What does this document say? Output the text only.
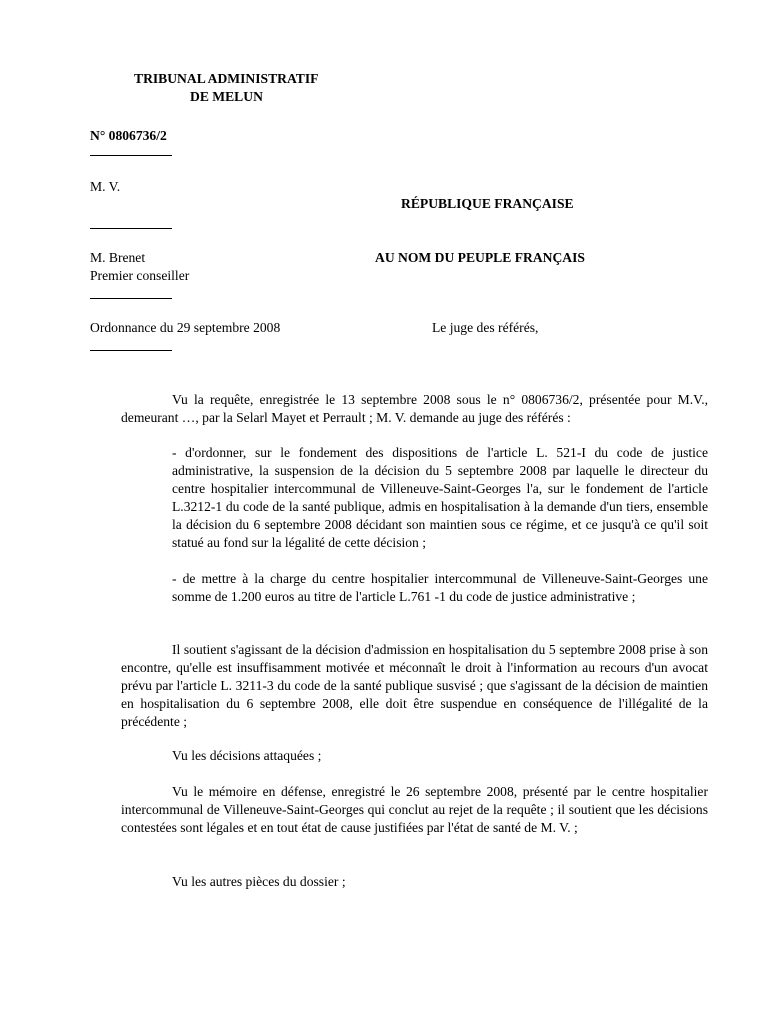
TRIBUNAL ADMINISTRATIF
DE MELUN
N° 0806736/2
M. V.
RÉPUBLIQUE FRANÇAISE
M. Brenet	AU NOM DU PEUPLE FRANÇAIS
Premier conseiller
Ordonnance du 29 septembre 2008	Le juge des référés,
Vu la requête, enregistrée le 13 septembre 2008 sous le n° 0806736/2, présentée pour M.V., demeurant …, par la Selarl Mayet et Perrault ; M. V. demande au juge des référés :
- d'ordonner, sur le fondement des dispositions de l'article L. 521-I du code de justice administrative, la suspension de la décision du 5 septembre 2008 par laquelle le directeur du centre hospitalier intercommunal de Villeneuve-Saint-Georges l'a, sur le fondement de l'article L.3212-1 du code de la santé publique, admis en hospitalisation à la demande d'un tiers, ensemble la décision du 6 septembre 2008 décidant son maintien sous ce régime, et ce jusqu'à ce qu'il soit statué au fond sur la légalité de cette décision ;
- de mettre à la charge du centre hospitalier intercommunal de Villeneuve-Saint-Georges une somme de 1.200 euros au titre de l'article L.761 -1 du code de justice administrative ;
Il soutient s'agissant de la décision d'admission en hospitalisation du 5 septembre 2008 prise à son encontre, qu'elle est insuffisamment motivée et méconnaît le droit à l'information au recours d'un avocat prévu par l'article L. 3211-3 du code de la santé publique susvisé ; que s'agissant de la décision de maintien en hospitalisation du 6 septembre 2008, elle doit être suspendue en conséquence de l'illégalité de la précédente ;
Vu les décisions attaquées ;
Vu le mémoire en défense, enregistré le 26 septembre 2008, présenté par le centre hospitalier intercommunal de Villeneuve-Saint-Georges qui conclut au rejet de la requête ; il soutient que les décisions contestées sont légales et en tout état de cause justifiées par l'état de santé de M. V. ;
Vu les autres pièces du dossier ;
